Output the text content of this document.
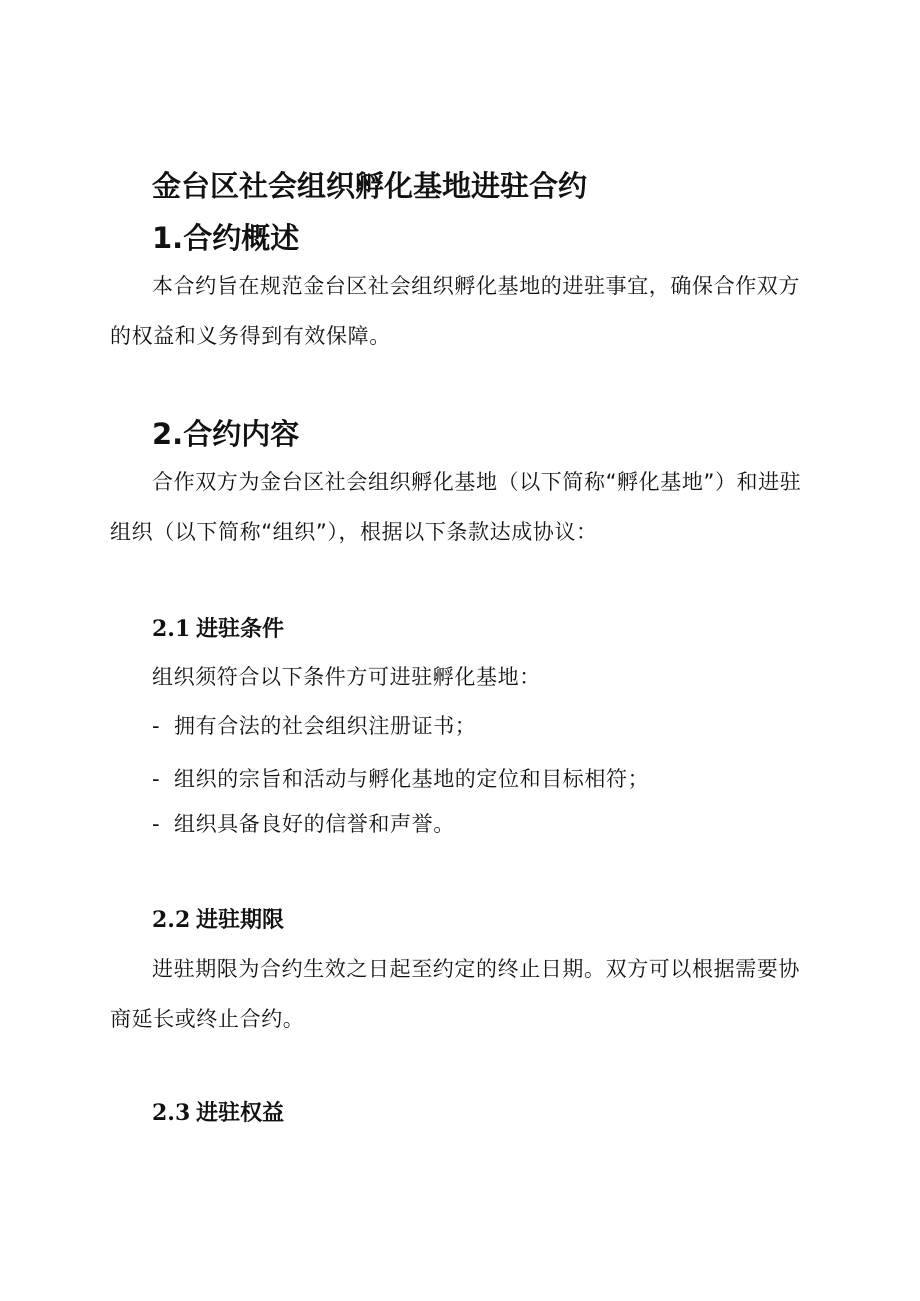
金台区社会组织孵化基地进驻合约
1.合约概述
本合约旨在规范金台区社会组织孵化基地的进驻事宜，确保合作双方的权益和义务得到有效保障。
2.合约内容
合作双方为金台区社会组织孵化基地（以下简称“孵化基地”）和进驻组织（以下简称“组织”），根据以下条款达成协议：
2.1 进驻条件
组织须符合以下条件方可进驻孵化基地：
- 拥有合法的社会组织注册证书；
- 组织的宗旨和活动与孵化基地的定位和目标相符；
- 组织具备良好的信誉和声誉。
2.2 进驻期限
进驻期限为合约生效之日起至约定的终止日期。双方可以根据需要协商延长或终止合约。
2.3 进驻权益
